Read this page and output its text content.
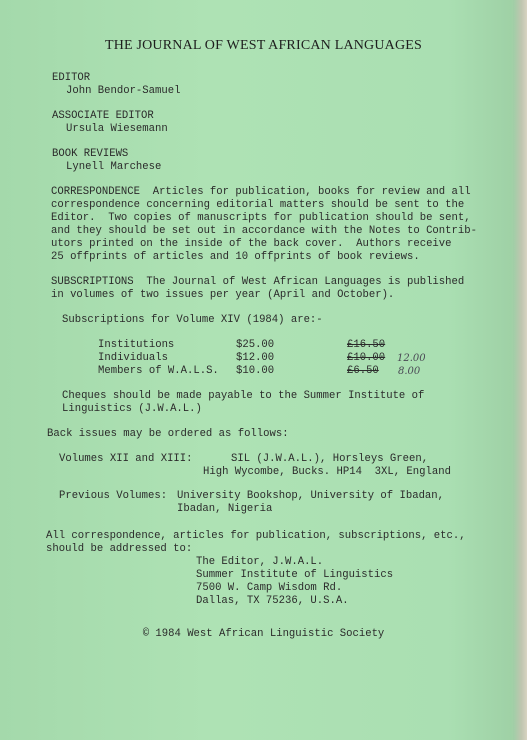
THE JOURNAL OF WEST AFRICAN LANGUAGES
EDITOR
John Bendor-Samuel
ASSOCIATE EDITOR
Ursula Wiesemann
BOOK REVIEWS
Lynell Marchese
CORRESPONDENCE  Articles for publication, books for review and all
correspondence concerning editorial matters should be sent to the
Editor.  Two copies of manuscripts for publication should be sent,
and they should be set out in accordance with the Notes to Contrib-
utors printed on the inside of the back cover.  Authors receive
25 offprints of articles and 10 offprints of book reviews.
SUBSCRIPTIONS  The Journal of West African Languages is published
in volumes of two issues per year (April and October).
Subscriptions for Volume XIV (1984) are:-
Institutions	$25.00	£16.50
Individuals	$12.00	£10.00 12.00
Members of W.A.L.S. $10.00	£6.50 8.00
Cheques should be made payable to the Summer Institute of
Linguistics (J.W.A.L.)
Back issues may be ordered as follows:
Volumes XII and XIII:	SIL (J.W.A.L.), Horsleys Green,
High Wycombe, Bucks. HP14  3XL, England
Previous Volumes: University Bookshop, University of Ibadan,
Ibadan, Nigeria
All correspondence, articles for publication, subscriptions, etc.,
should be addressed to:
The Editor, J.W.A.L.
Summer Institute of Linguistics
7500 W. Camp Wisdom Rd.
Dallas, TX 75236, U.S.A.
© 1984 West African Linguistic Society
